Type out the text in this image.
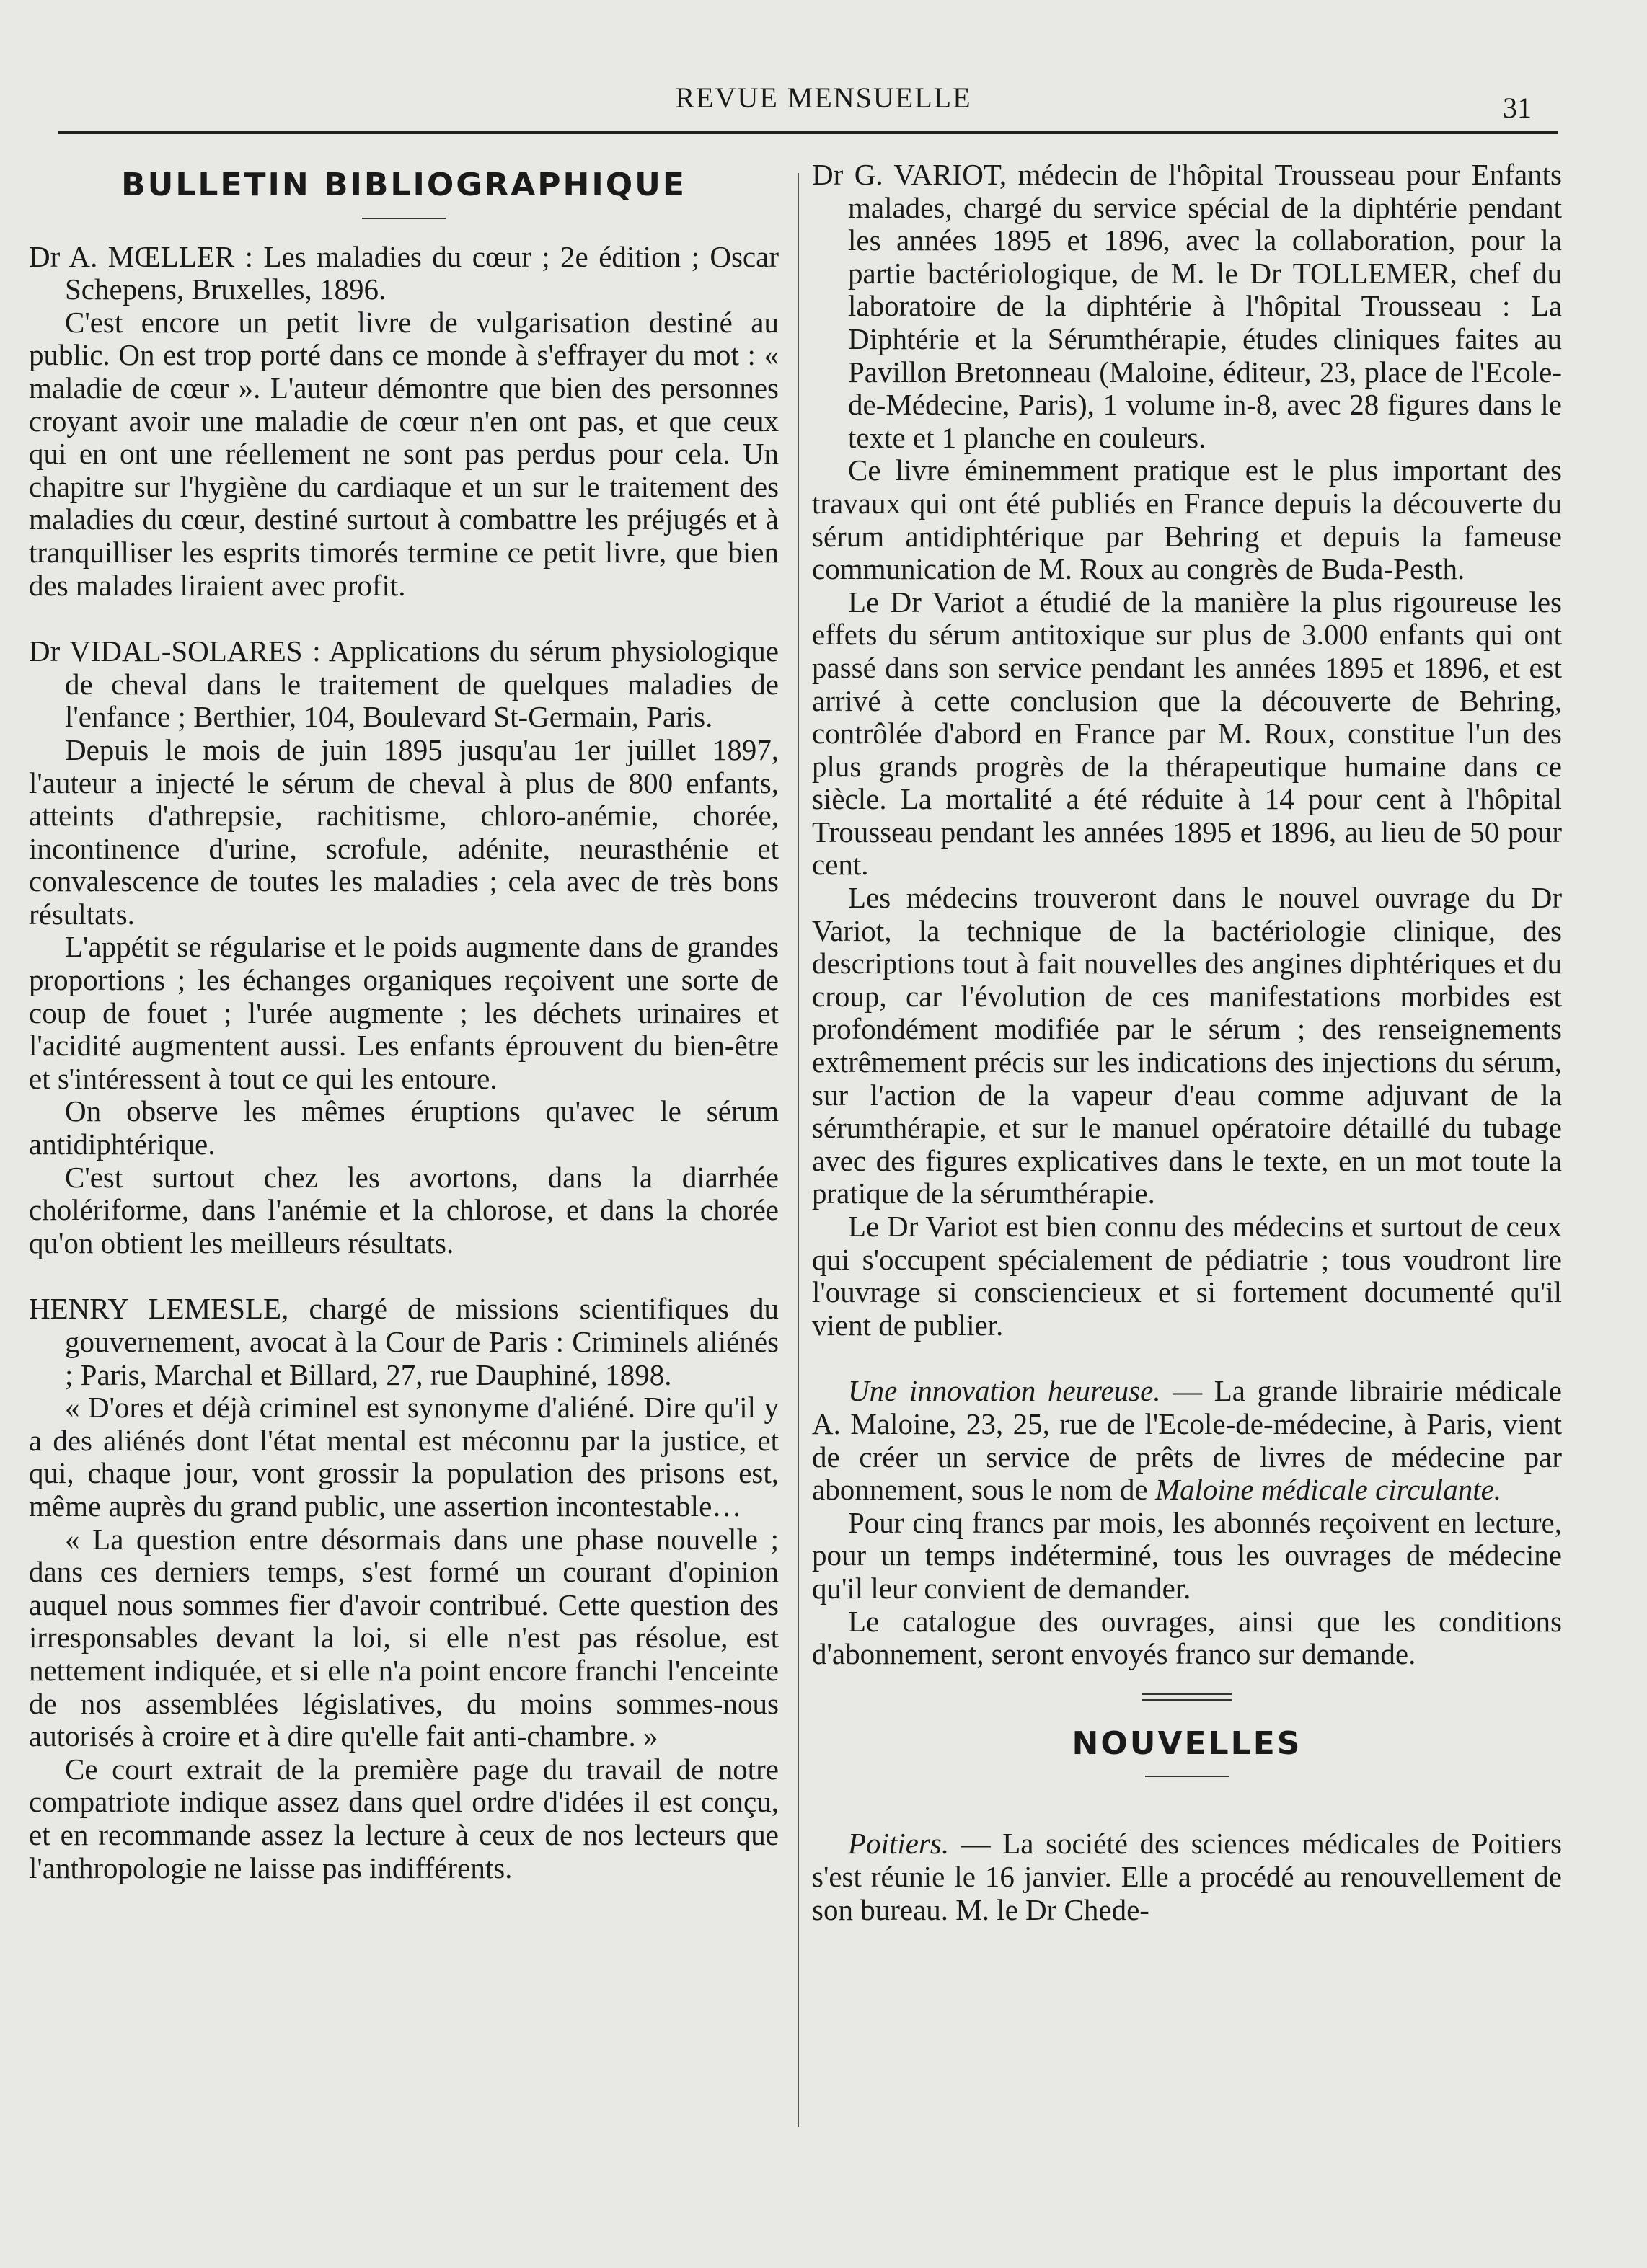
REVUE MENSUELLE	31
BULLETIN BIBLIOGRAPHIQUE

Dr A. MŒLLER : Les maladies du cœur ; 2e édition ; Oscar Schepens, Bruxelles, 1896.

C'est encore un petit livre de vulgarisation destiné au public. On est trop porté dans ce monde à s'effrayer du mot : « maladie de cœur ». L'auteur démontre que bien des personnes croyant avoir une maladie de cœur n'en ont pas, et que ceux qui en ont une réellement ne sont pas perdus pour cela. Un chapitre sur l'hygiène du cardiaque et un sur le traitement des maladies du cœur, destiné surtout à combattre les préjugés et à tranquilliser les esprits timorés termine ce petit livre, que bien des malades liraient avec profit.

Dr VIDAL-SOLARES : Applications du sérum physiologique de cheval dans le traitement de quelques maladies de l'enfance ; Berthier, 104, Boulevard St-Germain, Paris.

Depuis le mois de juin 1895 jusqu'au 1er juillet 1897, l'auteur a injecté le sérum de cheval à plus de 800 enfants, atteints d'athrepsie, rachitisme, chloro-anémie, chorée, incontinence d'urine, scrofule, adénite, neurasthénie et convalescence de toutes les maladies ; cela avec de très bons résultats.

L'appétit se régularise et le poids augmente dans de grandes proportions ; les échanges organiques reçoivent une sorte de coup de fouet ; l'urée augmente ; les déchets urinaires et l'acidité augmentent aussi. Les enfants éprouvent du bien-être et s'intéressent à tout ce qui les entoure.

On observe les mêmes éruptions qu'avec le sérum antidiphtérique.

C'est surtout chez les avortons, dans la diarrhée cholériforme, dans l'anémie et la chlorose, et dans la chorée qu'on obtient les meilleurs résultats.

HENRY LEMESLE, chargé de missions scientifiques du gouvernement, avocat à la Cour de Paris : Criminels aliénés ; Paris, Marchal et Billard, 27, rue Dauphiné, 1898.

« D'ores et déjà criminel est synonyme d'aliéné. Dire qu'il y a des aliénés dont l'état mental est méconnu par la justice, et qui, chaque jour, vont grossir la population des prisons est, même auprès du grand public, une assertion incontestable…

« La question entre désormais dans une phase nouvelle ; dans ces derniers temps, s'est formé un courant d'opinion auquel nous sommes fier d'avoir contribué. Cette question des irresponsables devant la loi, si elle n'est pas résolue, est nettement indiquée, et si elle n'a point encore franchi l'enceinte de nos assemblées législatives, du moins sommes-nous autorisés à croire et à dire qu'elle fait anti-chambre. »

Ce court extrait de la première page du travail de notre compatriote indique assez dans quel ordre d'idées il est conçu, et en recommande assez la lecture à ceux de nos lecteurs que l'anthropologie ne laisse pas indifférents.

Dr G. VARIOT, médecin de l'hôpital Trousseau pour Enfants malades, chargé du service spécial de la diphtérie pendant les années 1895 et 1896, avec la collaboration, pour la partie bactériologique, de M. le Dr TOLLEMER, chef du laboratoire de la diphtérie à l'hôpital Trousseau : La Diphtérie et la Sérumthérapie, études cliniques faites au Pavillon Bretonneau (Maloine, éditeur, 23, place de l'Ecole-de-Médecine, Paris), 1 volume in-8, avec 28 figures dans le texte et 1 planche en couleurs.

Ce livre éminemment pratique est le plus important des travaux qui ont été publiés en France depuis la découverte du sérum antidiphtérique par Behring et depuis la fameuse communication de M. Roux au congrès de Buda-Pesth.

Le Dr Variot a étudié de la manière la plus rigoureuse les effets du sérum antitoxique sur plus de 3.000 enfants qui ont passé dans son service pendant les années 1895 et 1896, et est arrivé à cette conclusion que la découverte de Behring, contrôlée d'abord en France par M. Roux, constitue l'un des plus grands progrès de la thérapeutique humaine dans ce siècle. La mortalité a été réduite à 14 pour cent à l'hôpital Trousseau pendant les années 1895 et 1896, au lieu de 50 pour cent.

Les médecins trouveront dans le nouvel ouvrage du Dr Variot, la technique de la bactériologie clinique, des descriptions tout à fait nouvelles des angines diphtériques et du croup, car l'évolution de ces manifestations morbides est profondément modifiée par le sérum ; des renseignements extrêmement précis sur les indications des injections du sérum, sur l'action de la vapeur d'eau comme adjuvant de la sérumthérapie, et sur le manuel opératoire détaillé du tubage avec des figures explicatives dans le texte, en un mot toute la pratique de la sérumthérapie.

Le Dr Variot est bien connu des médecins et surtout de ceux qui s'occupent spécialement de pédiatrie ; tous voudront lire l'ouvrage si consciencieux et si fortement documenté qu'il vient de publier.

Une innovation heureuse. — La grande librairie médicale A. Maloine, 23, 25, rue de l'Ecole-de-médecine, à Paris, vient de créer un service de prêts de livres de médecine par abonnement, sous le nom de Maloine médicale circulante.

Pour cinq francs par mois, les abonnés reçoivent en lecture, pour un temps indéterminé, tous les ouvrages de médecine qu'il leur convient de demander.

Le catalogue des ouvrages, ainsi que les conditions d'abonnement, seront envoyés franco sur demande.

NOUVELLES

Poitiers. — La société des sciences médicales de Poitiers s'est réunie le 16 janvier. Elle a procédé au renouvellement de son bureau. M. le Dr Chede-
